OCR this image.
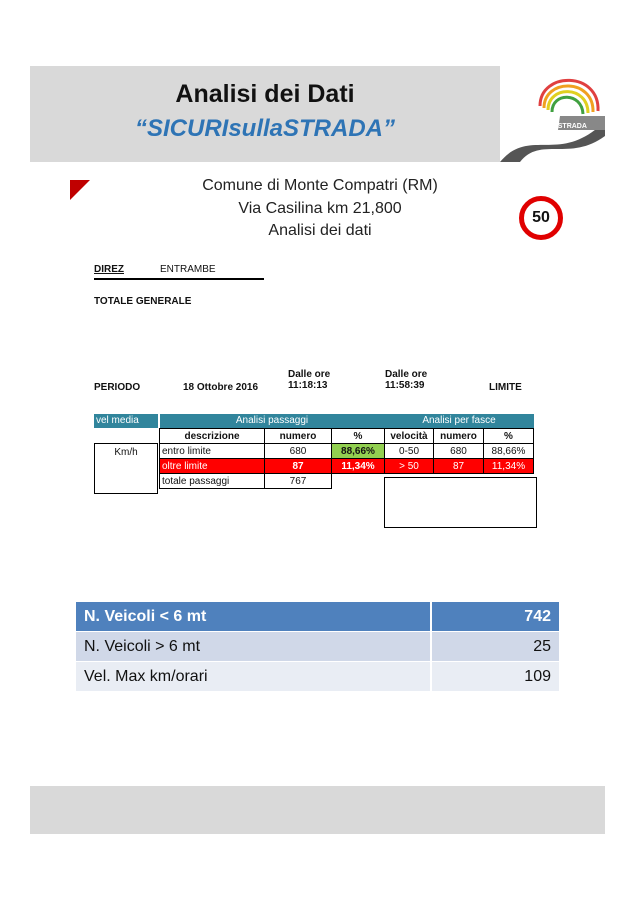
Analisi dei Dati
“SICURIsullaSTRADA”	SICURIsullaSTRADA
Comune di Monte Compatri (RM)
Via Casilina km 21,800
Analisi dei dati
50
DIREZ	ENTRAMBE
TOTALE GENERALE
Dalle ore
11:18:13
Dalle ore
11:58:39
PERIODO	18 Ottobre 2016	LIMITE
vel media
Km/h
Analisi passaggi		
descrizione	numero	%
entro limite	680	88,66%
oltre limite	87	11,34%
totale passaggi	767	
Analisi per fasce		
velocità	numero	%
0-50	680	88,66%
> 50	87	11,34%
N. Veicoli < 6 mt	742
N. Veicoli > 6 mt	25
Vel. Max km/orari	109
